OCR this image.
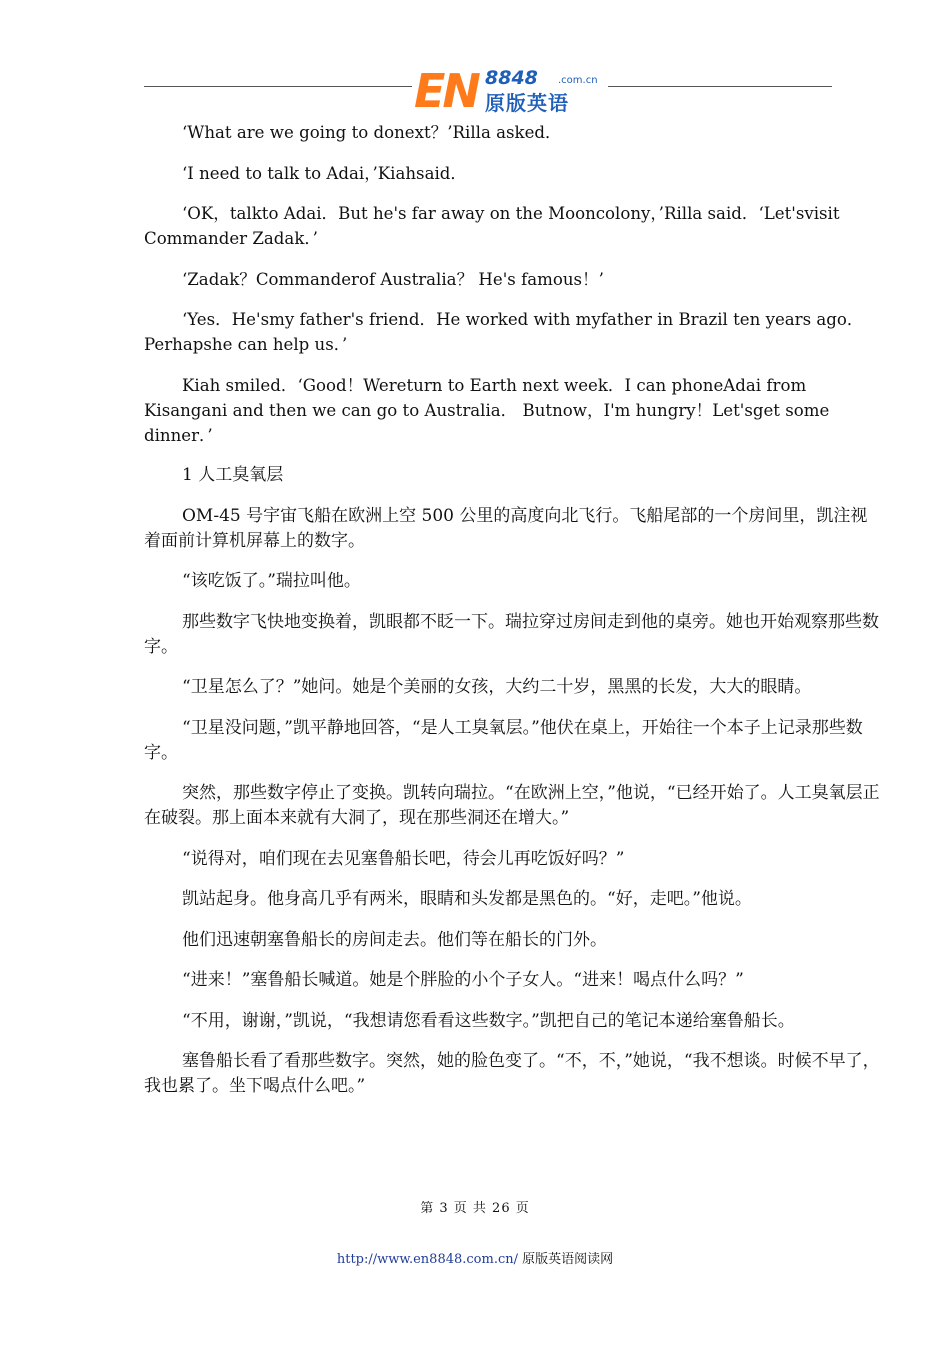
EN 8848 .com.cn
原版英语

‘What are we going to donext？’Rilla asked．

‘I need to talk to Adai，’Kiahsaid．

‘OK，talkto Adai．But he's far away on the Mooncolony，’Rilla said．‘Let'svisit Commander Zadak．’

‘Zadak？Commanderof Australia？ He's famous！’

‘Yes．He'smy father's friend．He worked with myfather in Brazil ten years ago．Perhapshe can help us．’

Kiah smiled．‘Good！Wereturn to Earth next week．I can phoneAdai from Kisangani and then we can go to Australia． Butnow，I'm hungry！Let'sget some dinner．’

1 人工臭氧层

OM-45 号宇宙飞船在欧洲上空 500 公里的高度向北飞行。飞船尾部的一个房间里，凯注视着面前计算机屏幕上的数字。

“该吃饭了。”瑞拉叫他。

那些数字飞快地变换着，凯眼都不眨一下。瑞拉穿过房间走到他的桌旁。她也开始观察那些数字。

“卫星怎么了？”她问。她是个美丽的女孩，大约二十岁，黑黑的长发，大大的眼睛。

“卫星没问题，”凯平静地回答，“是人工臭氧层。”他伏在桌上，开始往一个本子上记录那些数字。

突然，那些数字停止了变换。凯转向瑞拉。“在欧洲上空，”他说，“已经开始了。人工臭氧层正在破裂。那上面本来就有大洞了，现在那些洞还在增大。”

“说得对，咱们现在去见塞鲁船长吧，待会儿再吃饭好吗？”

凯站起身。他身高几乎有两米，眼睛和头发都是黑色的。“好，走吧。”他说。

他们迅速朝塞鲁船长的房间走去。他们等在船长的门外。

“进来！”塞鲁船长喊道。她是个胖脸的小个子女人。“进来！喝点什么吗？”

“不用，谢谢，”凯说，“我想请您看看这些数字。”凯把自己的笔记本递给塞鲁船长。

塞鲁船长看了看那些数字。突然，她的脸色变了。“不，不，”她说，“我不想谈。时候不早了，我也累了。坐下喝点什么吧。”

第 3 页 共 26 页
http://www.en8848.com.cn/ 原版英语阅读网
